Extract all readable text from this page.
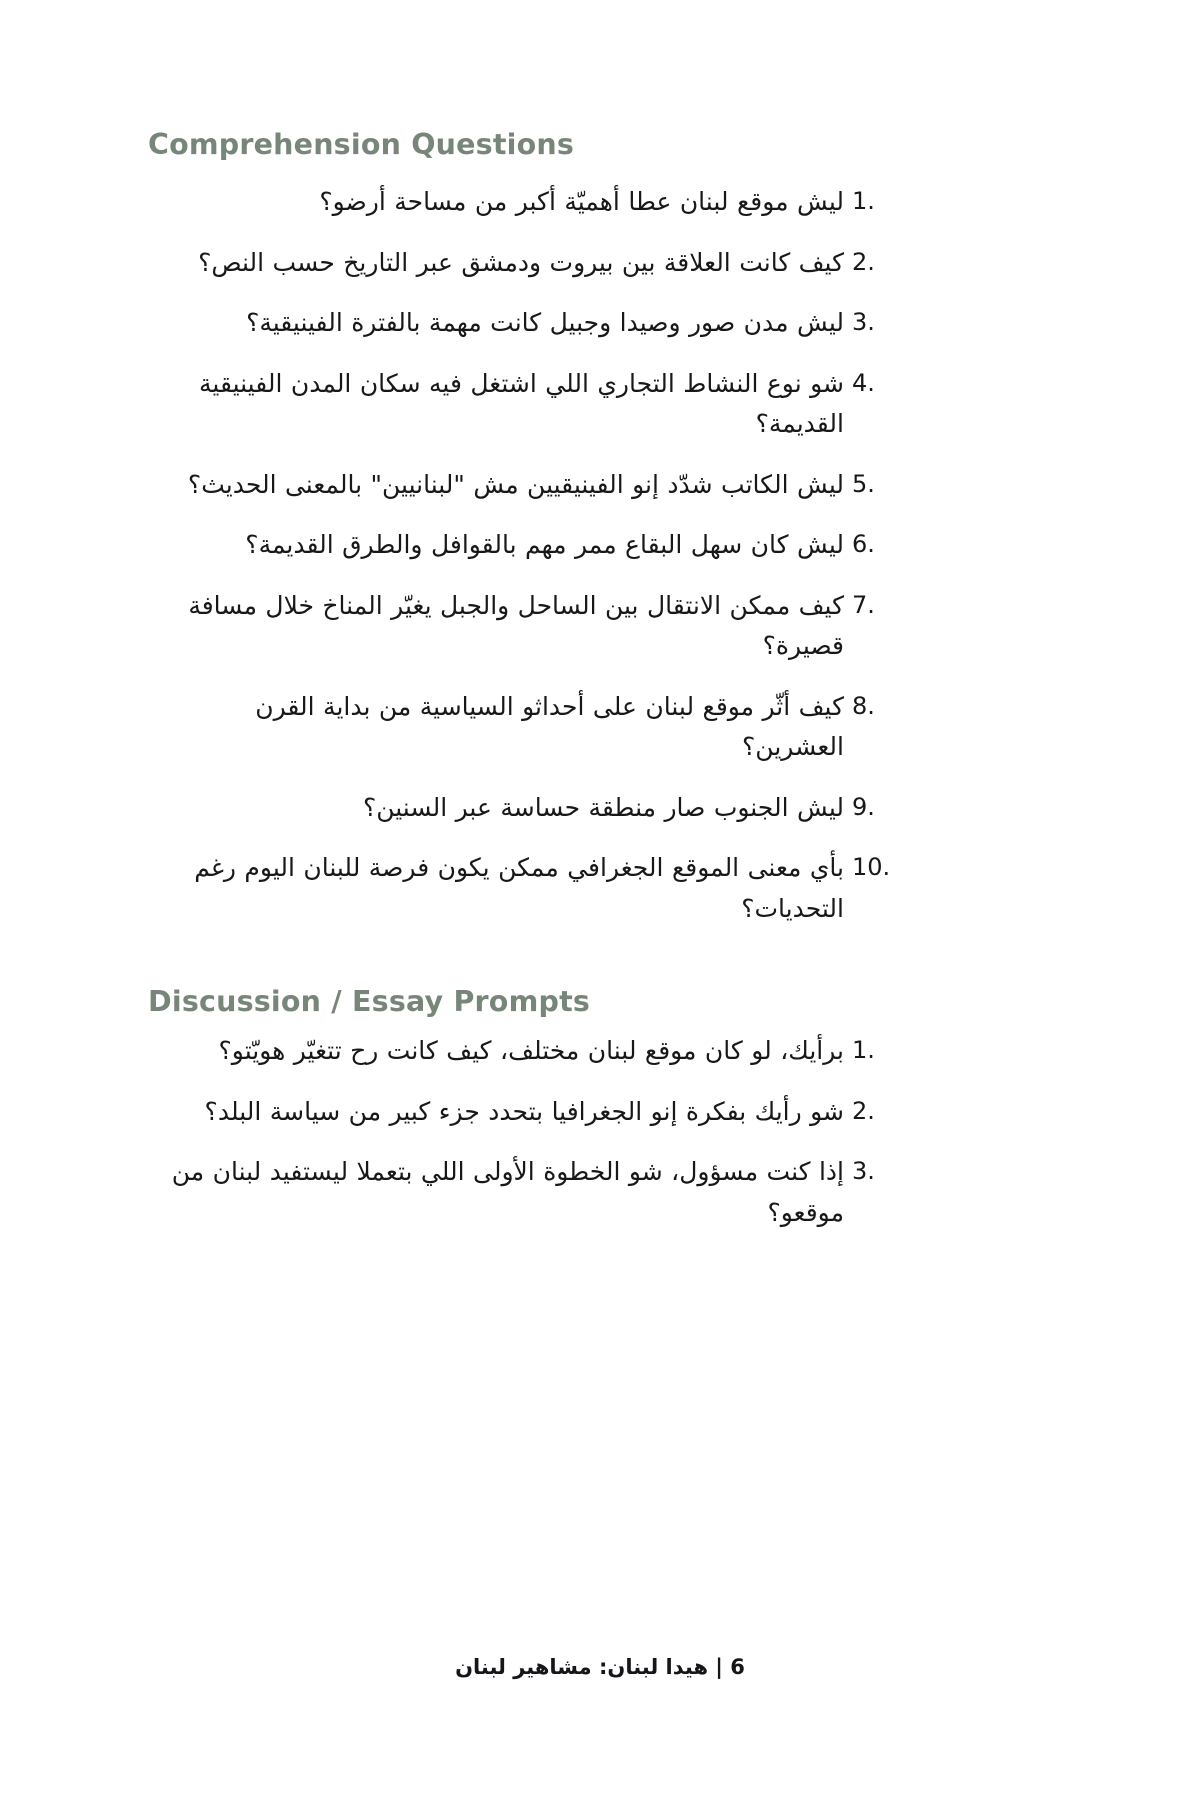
Comprehension Questions
ليش موقع لبنان عطا أهميّة أكبر من مساحة أرضو؟
كيف كانت العلاقة بين بيروت ودمشق عبر التاريخ حسب النص؟
ليش مدن صور وصيدا وجبيل كانت مهمة بالفترة الفينيقية؟
شو نوع النشاط التجاري اللي اشتغل فيه سكان المدن الفينيقية القديمة؟
ليش الكاتب شدّد إنو الفينيقيين مش "لبنانيين" بالمعنى الحديث؟
ليش كان سهل البقاع ممر مهم بالقوافل والطرق القديمة؟
كيف ممكن الانتقال بين الساحل والجبل يغيّر المناخ خلال مسافة قصيرة؟
كيف أثّر موقع لبنان على أحداثو السياسية من بداية القرن العشرين؟
ليش الجنوب صار منطقة حساسة عبر السنين؟
بأي معنى الموقع الجغرافي ممكن يكون فرصة للبنان اليوم رغم التحديات؟
Discussion / Essay Prompts
برأيك، لو كان موقع لبنان مختلف، كيف كانت رح تتغيّر هويّتو؟
شو رأيك بفكرة إنو الجغرافيا بتحدد جزء كبير من سياسة البلد؟
إذا كنت مسؤول، شو الخطوة الأولى اللي بتعملا ليستفيد لبنان من موقعو؟
6 | هيدا لبنان: مشاهير لبنان
